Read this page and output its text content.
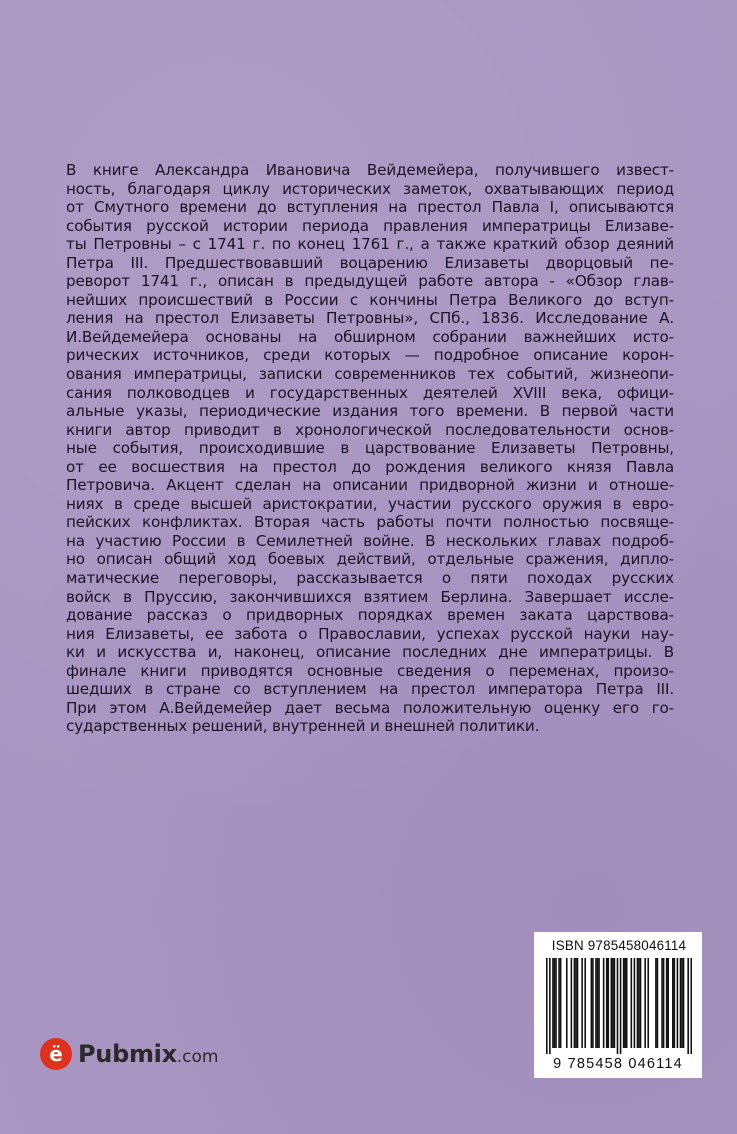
В книге Александра Ивановича Вейдемейера, получившего извест-
ность, благодаря циклу исторических заметок, охватывающих период
от Смутного времени до вступления на престол Павла I, описываются
события русской истории периода правления императрицы Елизаве-
ты Петровны – с 1741 г. по конец 1761 г., а также краткий обзор деяний
Петра III. Предшествовавший воцарению Елизаветы дворцовый пе-
реворот 1741 г., описан в предыдущей работе автора - «Обзор глав-
нейших происшествий в России с кончины Петра Великого до вступ-
ления на престол Елизаветы Петровны», СПб., 1836. Исследование А.
И.Вейдемейера основаны на обширном собрании важнейших исто-
рических источников, среди которых — подробное описание корон-
ования императрицы, записки современников тех событий, жизнеопи-
сания полководцев и государственных деятелей XVIII века, офици-
альные указы, периодические издания того времени. В первой части
книги автор приводит в хронологической последовательности основ-
ные события, происходившие в царствование Елизаветы Петровны,
от ее восшествия на престол до рождения великого князя Павла
Петровича. Акцент сделан на описании придворной жизни и отноше-
ниях в среде высшей аристократии, участии русского оружия в евро-
пейских конфликтах. Вторая часть работы почти полностью посвяще-
на участию России в Семилетней войне. В нескольких главах подроб-
но описан общий ход боевых действий, отдельные сражения, дипло-
матические переговоры, рассказывается о пяти походах русских
войск в Пруссию, закончившихся взятием Берлина. Завершает иссле-
дование рассказ о придворных порядках времен заката царствова-
ния Елизаветы, ее забота о Православии, успехах русской науки нау-
ки и искусства и, наконец, описание последних дне императрицы. В
финале книги приводятся основные сведения о переменах, произо-
шедших в стране со вступлением на престол императора Петра III.
При этом А.Вейдемейер дает весьма положительную оценку его го-
сударственных решений, внутренней и внешней политики.
ё Pubmix .com
ISBN 9785458046114
9 785458 046114
